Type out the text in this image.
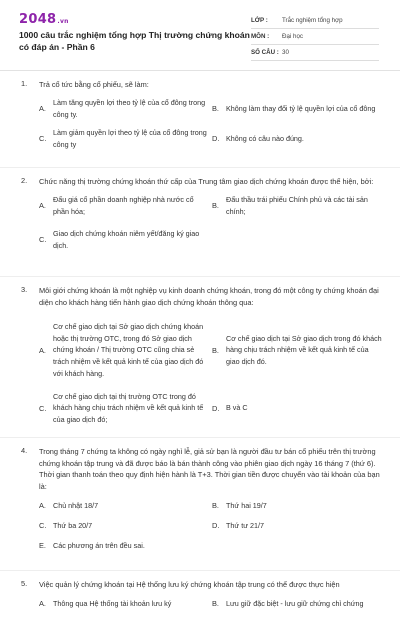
2048.vn
1000 câu trắc nghiệm tổng hợp Thị trường chứng khoán có đáp án - Phần 6
LỚP :	Trắc nghiệm tổng hợp
MÔN :	Đại học
SỐ CÂU : 30
1. Trả cổ tức bằng cổ phiếu, sẽ làm:
A.
Làm tăng quyền lợi theo tỷ lệ của cổ đông trong công ty.
B. Không làm thay đổi tỷ lệ quyền lợi của cổ đông
C.
Làm giảm quyền lợi theo tỷ lệ của cổ đông trong công ty
D. Không có câu nào đúng.
2. Chức năng thị trường chứng khoán thứ cấp của Trung tâm giao dịch chứng khoán được thể hiện, bởi:
A.
Đấu giá cổ phần doanh nghiệp nhà nước cổ phần hóa;
B.
Đấu thầu trái phiếu Chính phủ và các tài sản chính;
C.
Giao dịch chứng khoán niêm yết/đăng ký giao dịch.
3. Môi giới chứng khoán là một nghiệp vụ kinh doanh chứng khoán, trong đó một công ty chứng khoán đại diện cho khách hàng tiến hành giao dịch chứng khoán thông qua:
A.
Cơ chế giao dịch tại Sở giao dịch chứng khoán hoặc thị trường OTC, trong đó Sở giao dịch chứng khoán / Thị trường OTC cũng chia sẻ trách nhiệm về kết quả kinh tế của giao dịch đó với khách hàng.
B.
Cơ chế giao dịch tại Sở giao dịch trong đó khách hàng chịu trách nhiệm về kết quả kinh tế của giao dịch đó.
C.
Cơ chế giao dịch tại thị trường OTC trong đó khách hàng chịu trách nhiệm về kết quả kinh tế của giao dịch đó;
D. B và C
4. Trong tháng 7 chứng ta không có ngày nghỉ lễ, giả sử bạn là người đầu tư bán cổ phiếu trên thị trường chứng khoán tập trung và đã được báo là bán thành công vào phiên giao dịch ngày 16 tháng 7 (thứ 6). Thời gian thanh toán theo quy định hiện hành là T+3. Thời gian tiền được chuyển vào tài khoản của bạn là:
A. Chủ nhật 18/7	B. Thứ hai 19/7
C. Thứ ba 20/7	D. Thứ tư 21/7
E. Các phương án trên đều sai.
5. Việc quản lý chứng khoán tại Hệ thống lưu ký chứng khoán tập trung có thể được thực hiện
A. Thông qua Hệ thống tài khoản lưu ký	B. Lưu giữ đặc biệt - lưu giữ chứng chỉ chứng
